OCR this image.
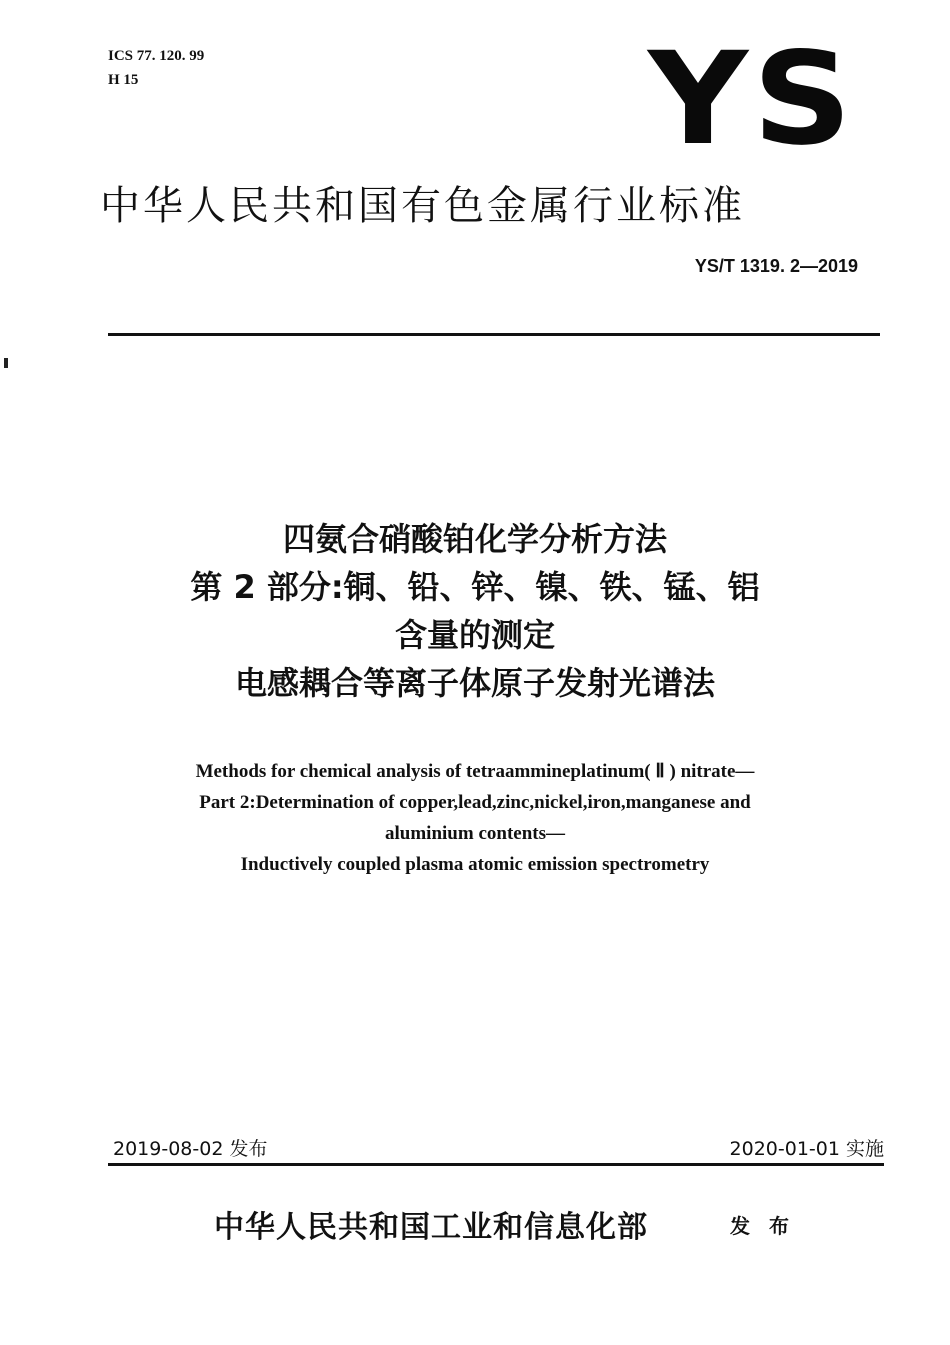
ICS 77. 120. 99
H 15	YS
中华人民共和国有色金属行业标准
YS/T 1319. 2—2019
四氨合硝酸铂化学分析方法
第 2 部分:铜、铅、锌、镍、铁、锰、铝
含量的测定
电感耦合等离子体原子发射光谱法
Methods for chemical analysis of tetraammineplatinum( Ⅱ ) nitrate—
Part 2:Determination of copper,lead,zinc,nickel,iron,manganese and
aluminium contents—
Inductively coupled plasma atomic emission spectrometry
2019-08-02 发布	2020-01-01 实施
中华人民共和国工业和信息化部	发 布
